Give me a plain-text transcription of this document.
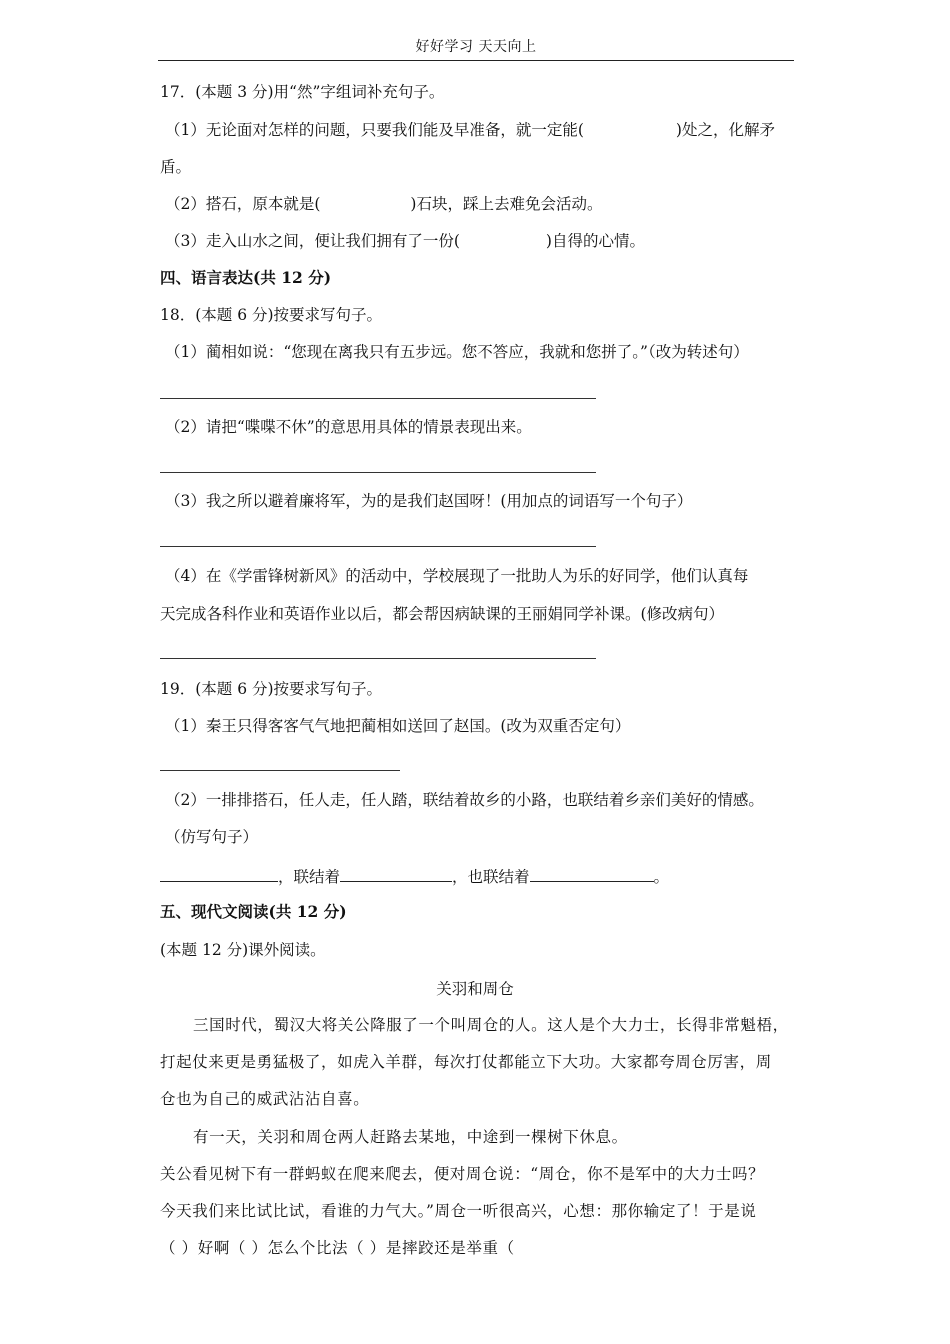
好好学习 天天向上
17．(本题 3 分)用“然”字组词补充句子。
（1）无论面对怎样的问题，只要我们能及早准备，就一定能(	)处之，化解矛
盾。
（2）搭石，原本就是(	)石块，踩上去难免会活动。
（3）走入山水之间，便让我们拥有了一份(	)自得的心情。
四、语言表达(共 12 分)
18．(本题 6 分)按要求写句子。
（1）蔺相如说：“您现在离我只有五步远。您不答应，我就和您拼了。”（改为转述句）
（2）请把“喋喋不休”的意思用具体的情景表现出来。
（3）我之所以避着廉将军，为的是我们赵国呀！(用加点的词语写一个句子）
（4）在《学雷锋树新风》的活动中，学校展现了一批助人为乐的好同学，他们认真每
天完成各科作业和英语作业以后，都会帮因病缺课的王丽娟同学补课。(修改病句）
19．(本题 6 分)按要求写句子。
（1）秦王只得客客气气地把蔺相如送回了赵国。(改为双重否定句）
（2）一排排搭石，任人走，任人踏，联结着故乡的小路，也联结着乡亲们美好的情感。
（仿写句子）
，联结着	，也联结着	。
五、现代文阅读(共 12 分)
(本题 12 分)课外阅读。
关羽和周仓
三国时代，蜀汉大将关公降服了一个叫周仓的人。这人是个大力士，长得非常魁梧，
打起仗来更是勇猛极了，如虎入羊群，每次打仗都能立下大功。大家都夸周仓厉害，周
仓也为自己的威武沾沾自喜。
有一天，关羽和周仓两人赶路去某地，中途到一棵树下休息。
关公看见树下有一群蚂蚁在爬来爬去，便对周仓说：“周仓，你不是军中的大力士吗？
今天我们来比试比试，看谁的力气大。”周仓一听很高兴，心想：那你输定了！于是说
（ ）好啊（ ）怎么个比法（ ）是摔跤还是举重（
